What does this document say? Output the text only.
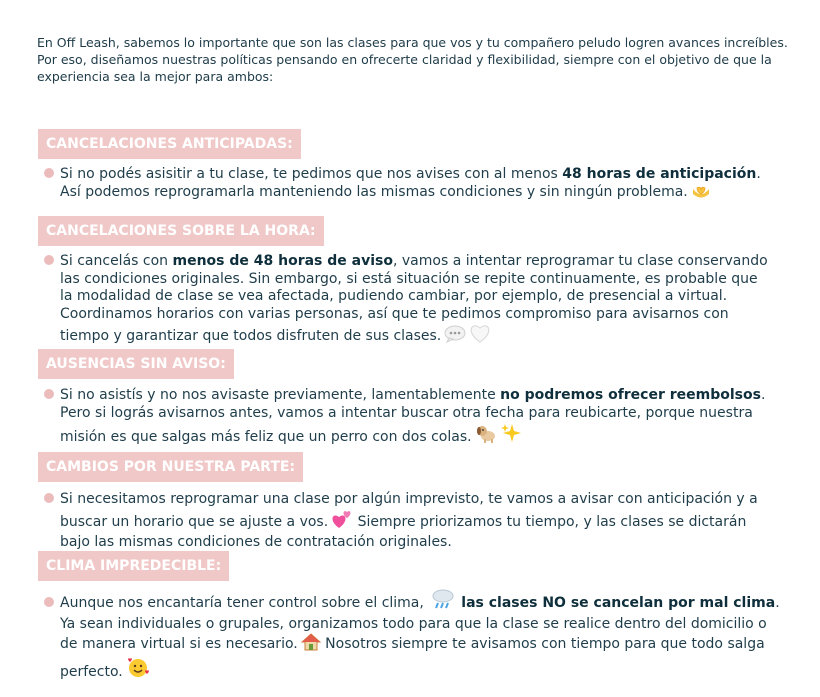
En Off Leash, sabemos lo importante que son las clases para que vos y tu compañero peludo logren avances increíbles. Por eso, diseñamos nuestras políticas pensando en ofrecerte claridad y flexibilidad, siempre con el objetivo de que la experiencia sea la mejor para ambos:

CANCELACIONES ANTICIPADAS:
Si no podés asisitir a tu clase, te pedimos que nos avises con al menos 48 horas de anticipación.
Así podemos reprogramarla manteniendo las mismas condiciones y sin ningún problema.
CANCELACIONES SOBRE LA HORA:
Si cancelás con menos de 48 horas de aviso, vamos a intentar reprogramar tu clase conservando
las condiciones originales. Sin embargo, si está situación se repite continuamente, es probable que
la modalidad de clase se vea afectada, pudiendo cambiar, por ejemplo, de presencial a virtual.
Coordinamos horarios con varias personas, así que te pedimos compromiso para avisarnos con
tiempo y garantizar que todos disfruten de sus clases.
AUSENCIAS SIN AVISO:
Si no asistís y no nos avisaste previamente, lamentablemente no podremos ofrecer reembolsos.
Pero si lográs avisarnos antes, vamos a intentar buscar otra fecha para reubicarte, porque nuestra
misión es que salgas más feliz que un perro con dos colas.
CAMBIOS POR NUESTRA PARTE:
Si necesitamos reprogramar una clase por algún imprevisto, te vamos a avisar con anticipación y a
buscar un horario que se ajuste a vos. Siempre priorizamos tu tiempo, y las clases se dictarán
bajo las mismas condiciones de contratación originales.
CLIMA IMPREDECIBLE:
Aunque nos encantaría tener control sobre el clima, las clases NO se cancelan por mal clima.
Ya sean individuales o grupales, organizamos todo para que la clase se realice dentro del domicilio o
de manera virtual si es necesario. Nosotros siempre te avisamos con tiempo para que todo salga
perfecto.
